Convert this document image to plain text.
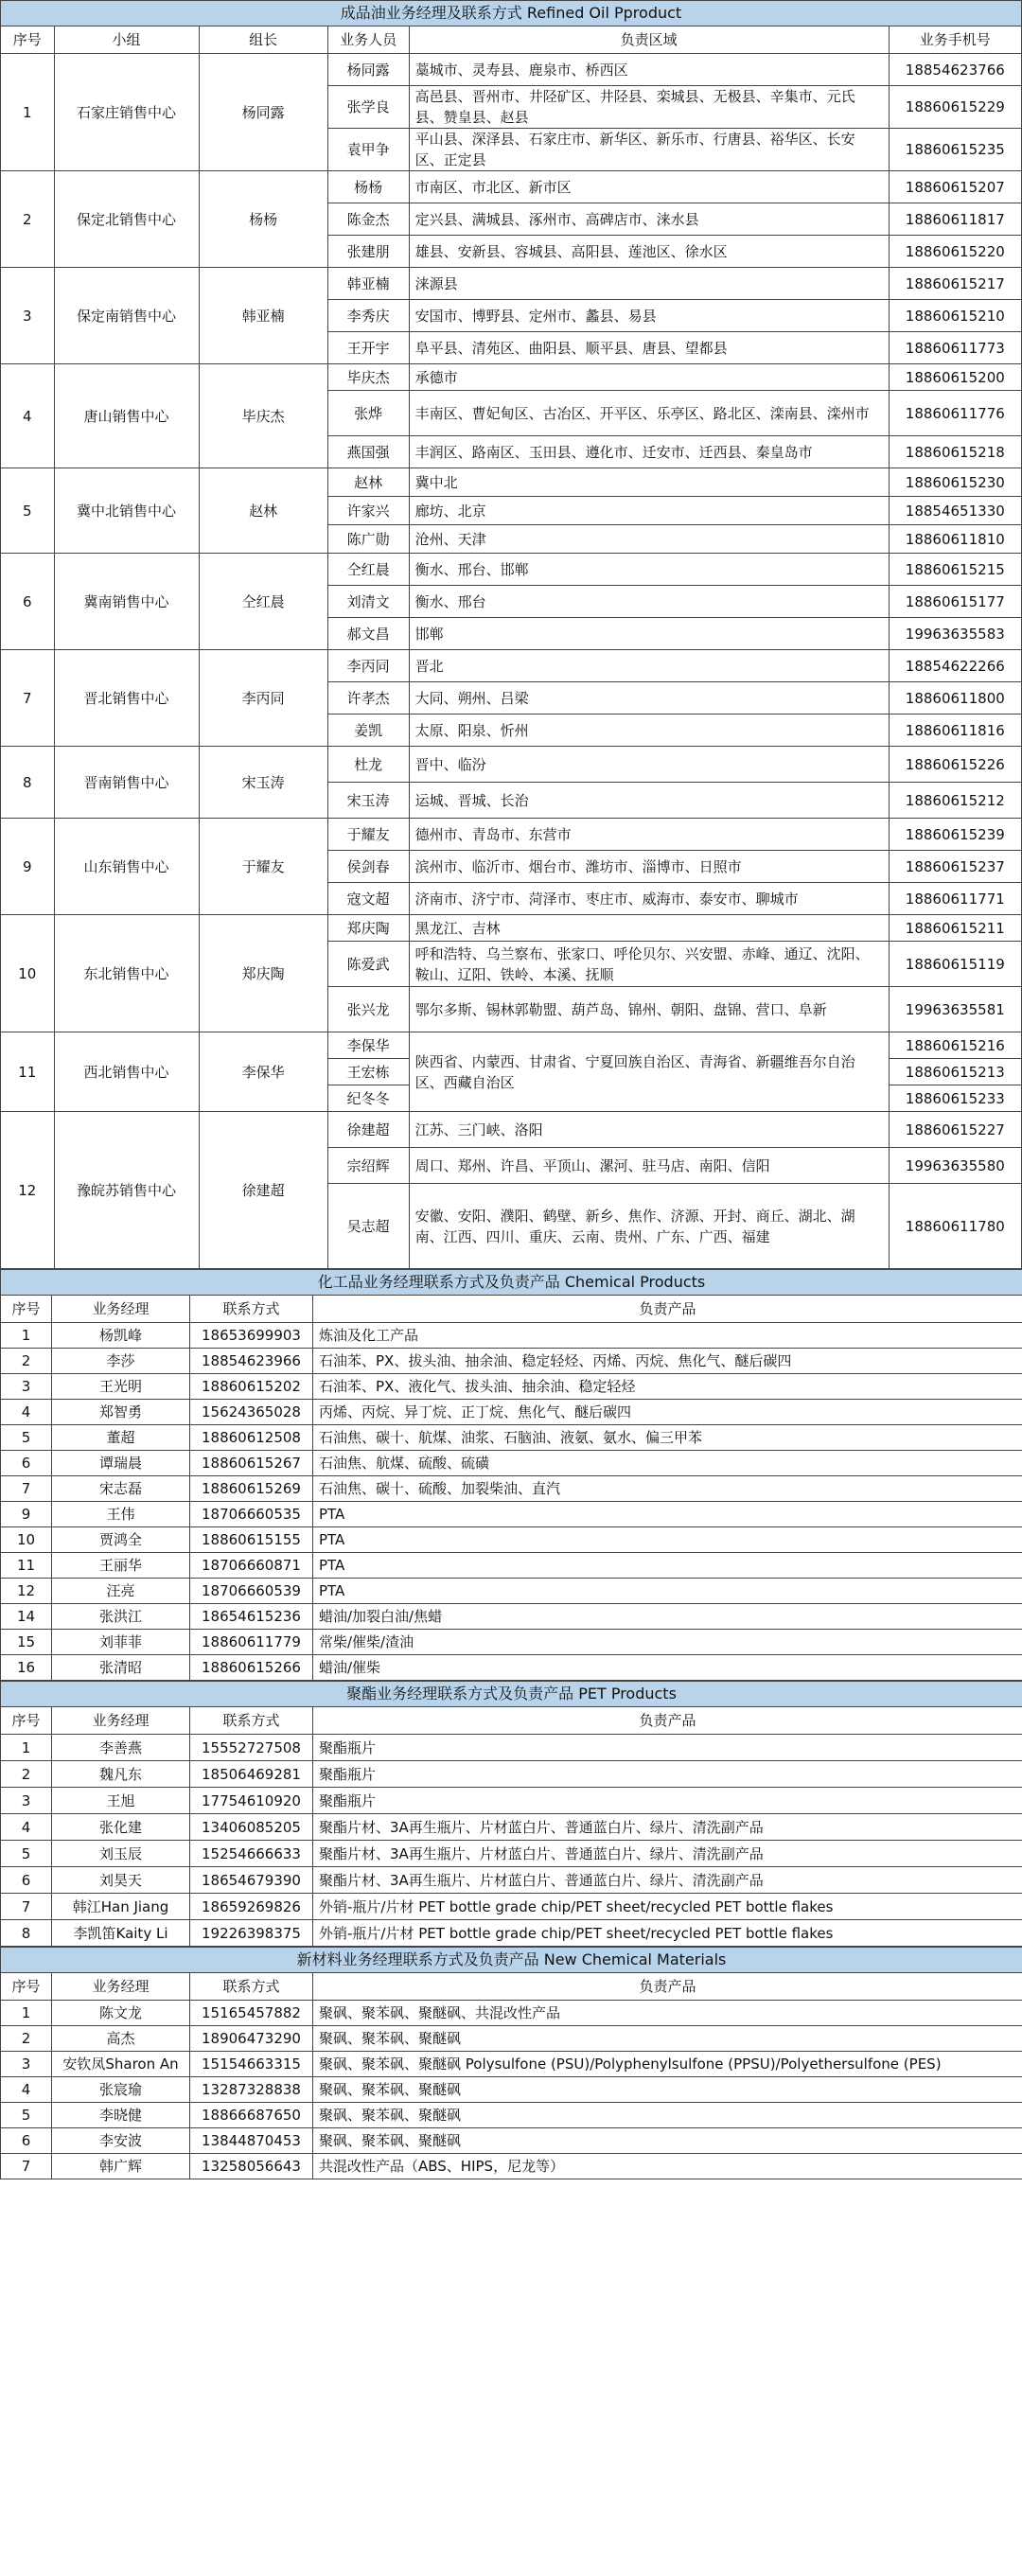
成品油业务经理及联系方式 Refined Oil Pproduct					
序号	小组	组长	业务人员	负责区域	业务手机号
1	石家庄销售中心	杨同露	杨同露	藁城市、灵寿县、鹿泉市、桥西区	18854623766
			张学良	高邑县、晋州市、井陉矿区、井陉县、栾城县、无极县、辛集市、元氏县、赞皇县、赵县	18860615229
			袁甲争	平山县、深泽县、石家庄市、新华区、新乐市、行唐县、裕华区、长安区、正定县	18860615235
2	保定北销售中心	杨杨	杨杨	市南区、市北区、新市区	18860615207
			陈金杰	定兴县、满城县、涿州市、高碑店市、涞水县	18860611817
			张建朋	雄县、安新县、容城县、高阳县、莲池区、徐水区	18860615220
3	保定南销售中心	韩亚楠	韩亚楠	涞源县	18860615217
			李秀庆	安国市、博野县、定州市、蠡县、易县	18860615210
			王开宇	阜平县、清苑区、曲阳县、顺平县、唐县、望都县	18860611773
4	唐山销售中心	毕庆杰	毕庆杰	承德市	18860615200
			张烨	丰南区、曹妃甸区、古冶区、开平区、乐亭区、路北区、滦南县、滦州市	18860611776
			燕国强	丰润区、路南区、玉田县、遵化市、迁安市、迁西县、秦皇岛市	18860615218
5	冀中北销售中心	赵林	赵林	冀中北	18860615230
			许家兴	廊坊、北京	18854651330
			陈广勋	沧州、天津	18860611810
6	冀南销售中心	仝红晨	仝红晨	衡水、邢台、邯郸	18860615215
			刘清文	衡水、邢台	18860615177
			郝文昌	邯郸	19963635583
7	晋北销售中心	李丙同	李丙同	晋北	18854622266
			许孝杰	大同、朔州、吕梁	18860611800
			姜凯	太原、阳泉、忻州	18860611816
8	晋南销售中心	宋玉涛	杜龙	晋中、临汾	18860615226
			宋玉涛	运城、晋城、长治	18860615212
9	山东销售中心	于耀友	于耀友	德州市、青岛市、东营市	18860615239
			侯剑春	滨州市、临沂市、烟台市、潍坊市、淄博市、日照市	18860615237
			寇文超	济南市、济宁市、菏泽市、枣庄市、威海市、泰安市、聊城市	18860611771
10	东北销售中心	郑庆陶	郑庆陶	黑龙江、吉林	18860615211
			陈爱武	呼和浩特、乌兰察布、张家口、呼伦贝尔、兴安盟、赤峰、通辽、沈阳、鞍山、辽阳、铁岭、本溪、抚顺	18860615119
			张兴龙	鄂尔多斯、锡林郭勒盟、葫芦岛、锦州、朝阳、盘锦、营口、阜新	19963635581
11	西北销售中心	李保华	李保华	陕西省、内蒙西、甘肃省、宁夏回族自治区、青海省、新疆维吾尔自治区、西藏自治区	18860615216
			王宏栋		18860615213
			纪冬冬		18860615233
12	豫皖苏销售中心	徐建超	徐建超	江苏、三门峡、洛阳	18860615227
			宗绍辉	周口、郑州、许昌、平顶山、漯河、驻马店、南阳、信阳	19963635580
			吴志超	安徽、安阳、濮阳、鹤壁、新乡、焦作、济源、开封、商丘、湖北、湖南、江西、四川、重庆、云南、贵州、广东、广西、福建	18860611780
化工品业务经理联系方式及负责产品 Chemical Products			
序号	业务经理	联系方式	负责产品
1	杨凯峰	18653699903	炼油及化工产品
2	李莎	18854623966	石油苯、PX、拔头油、抽余油、稳定轻烃、丙烯、丙烷、焦化气、醚后碳四
3	王光明	18860615202	石油苯、PX、液化气、拔头油、抽余油、稳定轻烃
4	郑智勇	15624365028	丙烯、丙烷、异丁烷、正丁烷、焦化气、醚后碳四
5	董超	18860612508	石油焦、碳十、航煤、油浆、石脑油、液氨、氨水、偏三甲苯
6	谭瑞晨	18860615267	石油焦、航煤、硫酸、硫磺
7	宋志磊	18860615269	石油焦、碳十、硫酸、加裂柴油、直汽
9	王伟	18706660535	PTA
10	贾鸿全	18860615155	PTA
11	王丽华	18706660871	PTA
12	汪亮	18706660539	PTA
14	张洪江	18654615236	蜡油/加裂白油/焦蜡
15	刘菲菲	18860611779	常柴/催柴/渣油
16	张清昭	18860615266	蜡油/催柴
聚酯业务经理联系方式及负责产品 PET Products			
序号	业务经理	联系方式	负责产品
1	李善燕	15552727508	聚酯瓶片
2	魏凡东	18506469281	聚酯瓶片
3	王旭	17754610920	聚酯瓶片
4	张化建	13406085205	聚酯片材、3A再生瓶片、片材蓝白片、普通蓝白片、绿片、清洗副产品
5	刘玉辰	15254666633	聚酯片材、3A再生瓶片、片材蓝白片、普通蓝白片、绿片、清洗副产品
6	刘昊天	18654679390	聚酯片材、3A再生瓶片、片材蓝白片、普通蓝白片、绿片、清洗副产品
7	韩江Han Jiang	18659269826	外销-瓶片/片材 PET bottle grade chip/PET sheet/recycled PET bottle flakes
8	李凯笛Kaity Li	19226398375	外销-瓶片/片材 PET bottle grade chip/PET sheet/recycled PET bottle flakes
新材料业务经理联系方式及负责产品 New Chemical Materials			
序号	业务经理	联系方式	负责产品
1	陈文龙	15165457882	聚砜、聚苯砜、聚醚砜、共混改性产品
2	高杰	18906473290	聚砜、聚苯砜、聚醚砜
3	安钦凤Sharon An	15154663315	聚砜、聚苯砜、聚醚砜 Polysulfone (PSU)/Polyphenylsulfone (PPSU)/Polyethersulfone (PES)
4	张宸瑜	13287328838	聚砜、聚苯砜、聚醚砜
5	李晓健	18866687650	聚砜、聚苯砜、聚醚砜
6	李安波	13844870453	聚砜、聚苯砜、聚醚砜
7	韩广辉	13258056643	共混改性产品（ABS、HIPS，尼龙等）
